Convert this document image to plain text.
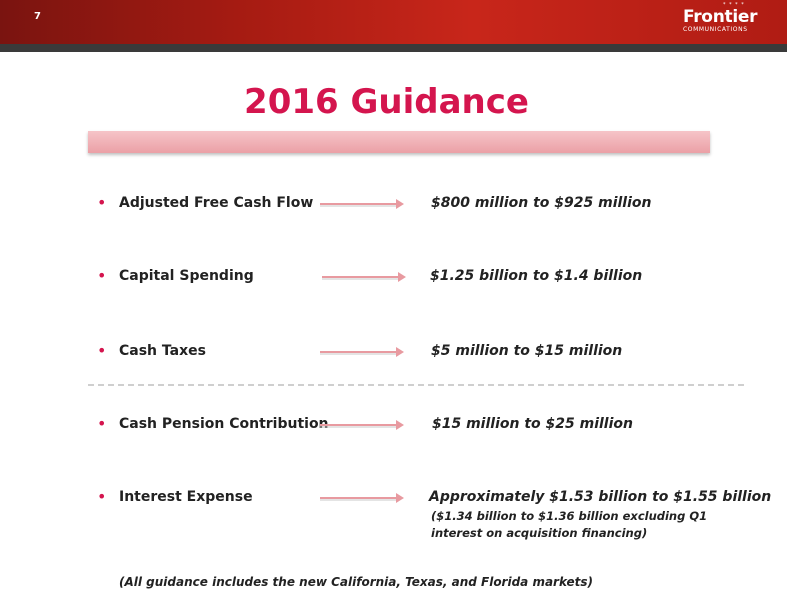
7
* * * *
Frontier
COMMUNICATIONS
2016 Guidance
• Adjusted Free Cash Flow	$800 million to $925 million
• Capital Spending	$1.25 billion to $1.4 billion
• Cash Taxes	$5 million to $15 million
• Cash Pension Contribution	$15 million to $25 million
• Interest Expense	Approximately $1.53 billion to $1.55 billion
($1.34 billion to $1.36 billion excluding Q1
interest on acquisition financing)
(All guidance includes the new California, Texas, and Florida markets)
